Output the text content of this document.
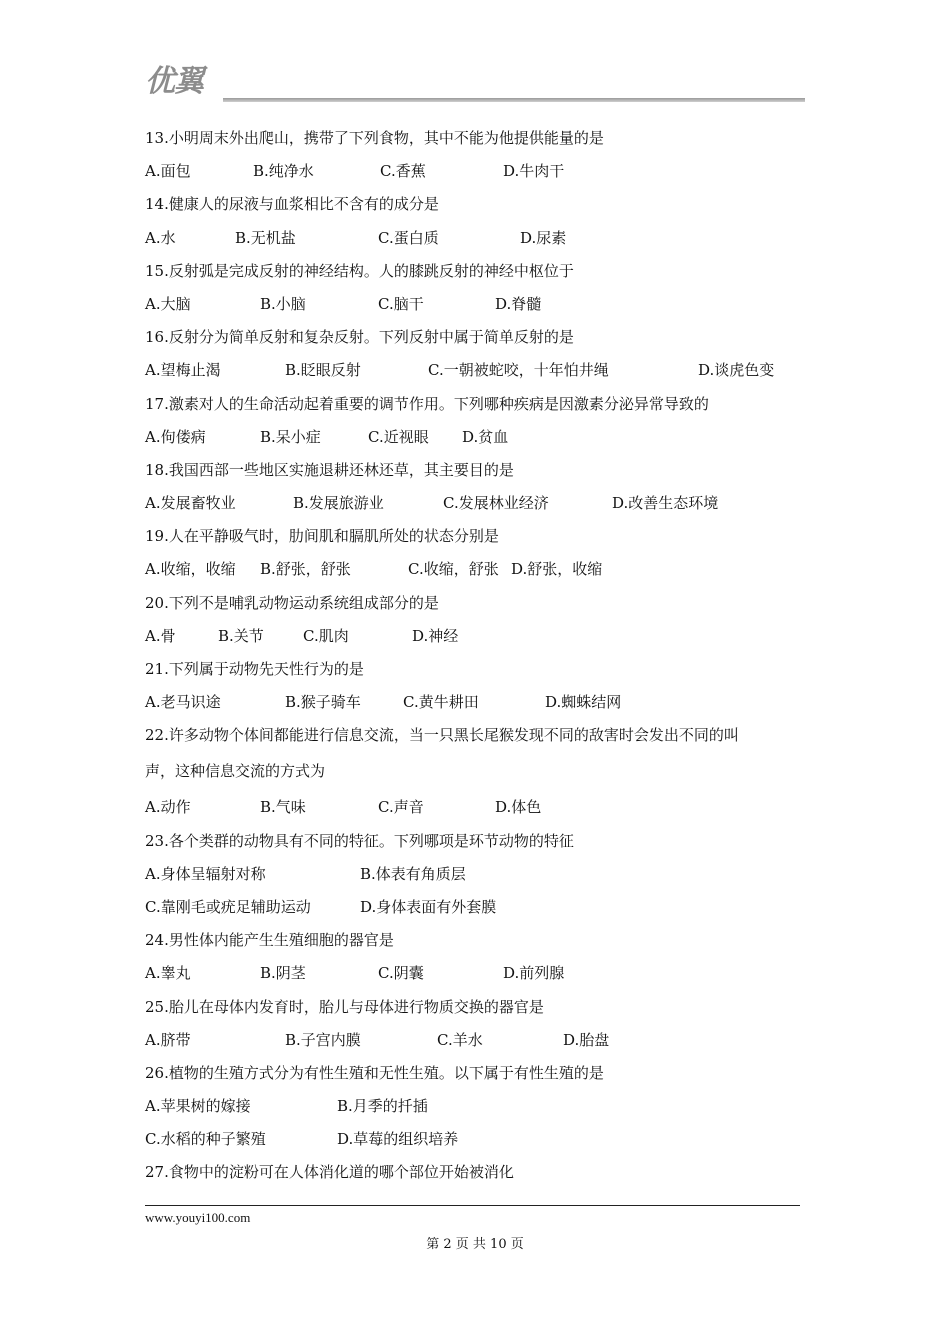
优翼
13.小明周末外出爬山，携带了下列食物，其中不能为他提供能量的是
A.面包	B.纯净水	C.香蕉	D.牛肉干
14.健康人的尿液与血浆相比不含有的成分是
A.水	B.无机盐	C.蛋白质	D.尿素
15.反射弧是完成反射的神经结构。人的膝跳反射的神经中枢位于
A.大脑	B.小脑	C.脑干	D.脊髓
16.反射分为简单反射和复杂反射。下列反射中属于简单反射的是
A.望梅止渴	B.眨眼反射	C.一朝被蛇咬，十年怕井绳	D.谈虎色变
17.激素对人的生命活动起着重要的调节作用。下列哪种疾病是因激素分泌异常导致的
A.佝偻病	B.呆小症	C.近视眼 D.贫血
18.我国西部一些地区实施退耕还林还草，其主要目的是
A.发展畜牧业	B.发展旅游业	C.发展林业经济	D.改善生态环境
19.人在平静吸气时，肋间肌和膈肌所处的状态分别是
A.收缩，收缩 B.舒张，舒张	C.收缩，舒张 D.舒张，收缩
20.下列不是哺乳动物运动系统组成部分的是
A.骨	B.关节	C.肌肉	D.神经
21.下列属于动物先天性行为的是
A.老马识途	B.猴子骑车	C.黄牛耕田	D.蜘蛛结网
22.许多动物个体间都能进行信息交流，当一只黑长尾猴发现不同的敌害时会发出不同的叫
声，这种信息交流的方式为
A.动作	B.气味	C.声音	D.体色
23.各个类群的动物具有不同的特征。下列哪项是环节动物的特征
A.身体呈辐射对称	B.体表有角质层
C.靠刚毛或疣足辅助运动	D.身体表面有外套膜
24.男性体内能产生生殖细胞的器官是
A.睾丸	B.阴茎	C.阴囊	D.前列腺
25.胎儿在母体内发育时，胎儿与母体进行物质交换的器官是
A.脐带	B.子宫内膜	C.羊水	D.胎盘
26.植物的生殖方式分为有性生殖和无性生殖。以下属于有性生殖的是
A.苹果树的嫁接	B.月季的扦插
C.水稻的种子繁殖	D.草莓的组织培养
27.食物中的淀粉可在人体消化道的哪个部位开始被消化
www.youyi100.com
第 2 页 共 10 页
